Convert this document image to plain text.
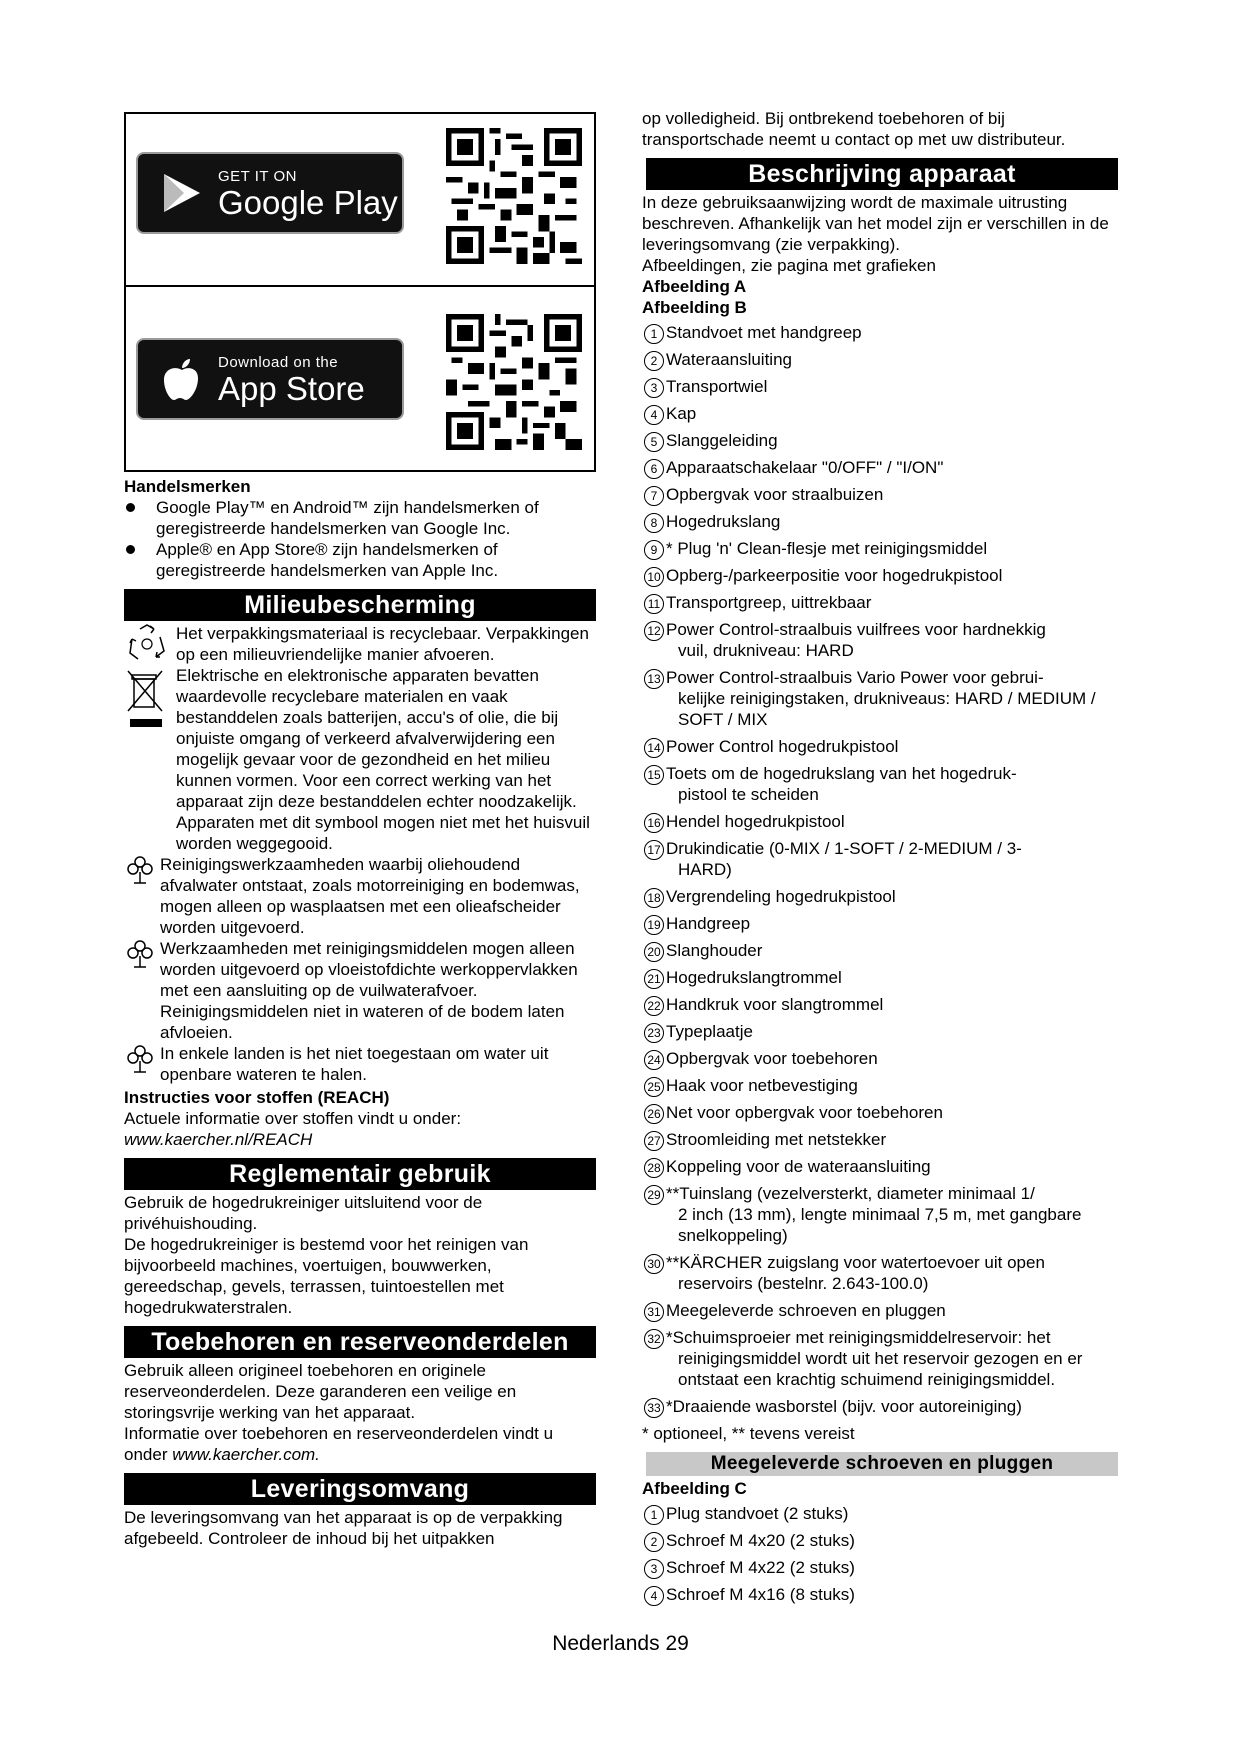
GET IT ON
Google Play
Download on the
App Store

Handelsmerken

Google Play™ en Android™ zijn handelsmerken of geregistreerde handelsmerken van Google Inc.

Apple® en App Store® zijn handelsmerken of geregistreerde handelsmerken van Apple Inc.

Milieubescherming

Het verpakkingsmateriaal is recyclebaar. Verpakkingen op een milieuvriendelijke manier afvoeren.

Elektrische en elektronische apparaten bevatten waardevolle recyclebare materialen en vaak bestanddelen zoals batterijen, accu's of olie, die bij onjuiste omgang of verkeerd afvalverwijdering een mogelijk gevaar voor de gezondheid en het milieu kunnen vormen. Voor een correct werking van het apparaat zijn deze bestanddelen echter noodzakelijk. Apparaten met dit symbool mogen niet met het huisvuil worden weggegooid.

Reinigingswerkzaamheden waarbij oliehoudend afvalwater ontstaat, zoals motorreiniging en bodemwas, mogen alleen op wasplaatsen met een olieafscheider worden uitgevoerd.

Werkzaamheden met reinigingsmiddelen mogen alleen worden uitgevoerd op vloeistofdichte werkoppervlakken met een aansluiting op de vuilwaterafvoer. Reinigingsmiddelen niet in wateren of de bodem laten afvloeien.

In enkele landen is het niet toegestaan om water uit openbare wateren te halen.

Instructies voor stoffen (REACH)

Actuele informatie over stoffen vindt u onder: www.kaercher.nl/REACH

Reglementair gebruik

Gebruik de hogedrukreiniger uitsluitend voor de privéhuishouding.

De hogedrukreiniger is bestemd voor het reinigen van bijvoorbeeld machines, voertuigen, bouwwerken, gereedschap, gevels, terrassen, tuintoestellen met hogedrukwaterstralen.

Toebehoren en reserveonderdelen

Gebruik alleen origineel toebehoren en originele reserveonderdelen. Deze garanderen een veilige en storingsvrije werking van het apparaat.

Informatie over toebehoren en reserveonderdelen vindt u onder www.kaercher.com.

Leveringsomvang

De leveringsomvang van het apparaat is op de verpakking afgebeeld. Controleer de inhoud bij het uitpakken

op volledigheid. Bij ontbrekend toebehoren of bij transportschade neemt u contact op met uw distributeur.

Beschrijving apparaat

In deze gebruiksaanwijzing wordt de maximale uitrusting beschreven. Afhankelijk van het model zijn er verschillen in de leveringsomvang (zie verpakking).

Afbeeldingen, zie pagina met grafieken

Afbeelding A

Afbeelding B

1 Standvoet met handgreep
2 Wateraansluiting
3 Transportwiel
4 Kap
5 Slanggeleiding
6 Apparaatschakelaar "0/OFF" / "I/ON"
7 Opbergvak voor straalbuizen
8 Hogedrukslang
9 * Plug 'n' Clean-flesje met reinigingsmiddel
10 Opberg-/parkeerpositie voor hogedrukpistool
11 Transportgreep, uittrekbaar
12 Power Control-straalbuis vuilfrees voor hardnekkig
vuil, drukniveau: HARD
13 Power Control-straalbuis Vario Power voor gebrui-
kelijke reinigingstaken, drukniveaus: HARD / MEDIUM / SOFT / MIX
14 Power Control hogedrukpistool
15 Toets om de hogedrukslang van het hogedruk-
pistool te scheiden
16 Hendel hogedrukpistool
17 Drukindicatie (0-MIX / 1-SOFT / 2-MEDIUM / 3-
HARD)
18 Vergrendeling hogedrukpistool
19 Handgreep
20 Slanghouder
21 Hogedrukslangtrommel
22 Handkruk voor slangtrommel
23 Typeplaatje
24 Opbergvak voor toebehoren
25 Haak voor netbevestiging
26 Net voor opbergvak voor toebehoren
27 Stroomleiding met netstekker
28 Koppeling voor de wateraansluiting
29 **Tuinslang (vezelversterkt, diameter minimaal 1/
2 inch (13 mm), lengte minimaal 7,5 m, met gangbare snelkoppeling)
30 **KÄRCHER zuigslang voor watertoevoer uit open
reservoirs (bestelnr. 2.643-100.0)
31 Meegeleverde schroeven en pluggen
32 *Schuimsproeier met reinigingsmiddelreservoir: het
reinigingsmiddel wordt uit het reservoir gezogen en er ontstaat een krachtig schuimend reinigingsmiddel.
33 *Draaiende wasborstel (bijv. voor autoreiniging)

* optioneel, ** tevens vereist

Meegeleverde schroeven en pluggen

Afbeelding C

1 Plug standvoet (2 stuks)
2 Schroef M 4x20 (2 stuks)
3 Schroef M 4x22 (2 stuks)
4 Schroef M 4x16 (8 stuks)
Nederlands 29
